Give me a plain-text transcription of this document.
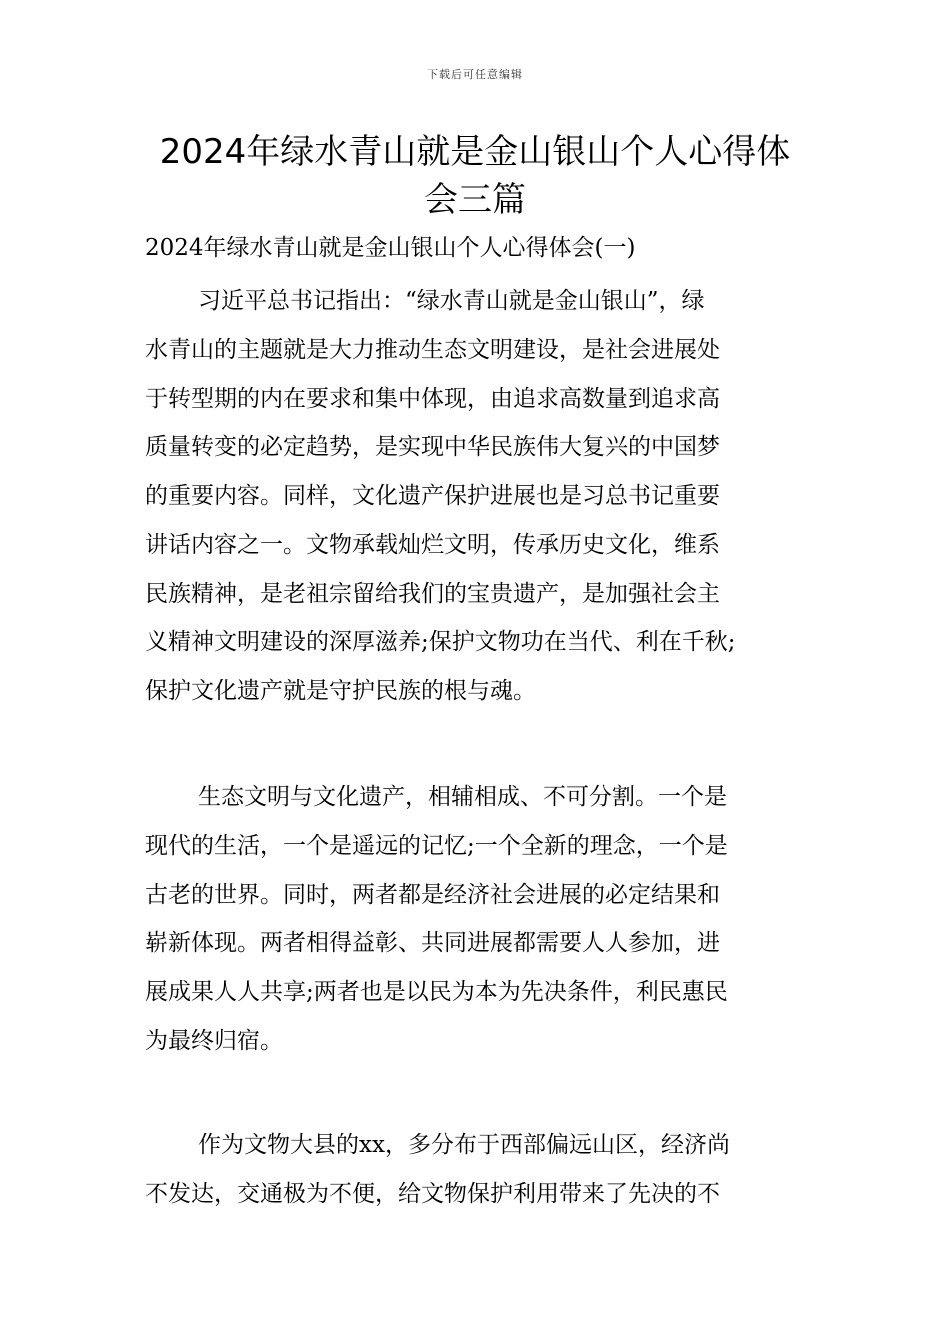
下载后可任意编辑
2024年绿水青山就是金山银山个人心得体
会三篇

2024年绿水青山就是金山银山个人心得体会(一)

习近平总书记指出：“绿水青山就是金山银山”，绿
水青山的主题就是大力推动生态文明建设，是社会进展处
于转型期的内在要求和集中体现，由追求高数量到追求高
质量转变的必定趋势，是实现中华民族伟大复兴的中国梦
的重要内容。同样，文化遗产保护进展也是习总书记重要
讲话内容之一。文物承载灿烂文明，传承历史文化，维系
民族精神，是老祖宗留给我们的宝贵遗产，是加强社会主
义精神文明建设的深厚滋养;保护文物功在当代、利在千秋;
保护文化遗产就是守护民族的根与魂。
生态文明与文化遗产，相辅相成、不可分割。一个是
现代的生活，一个是遥远的记忆;一个全新的理念，一个是
古老的世界。同时，两者都是经济社会进展的必定结果和
崭新体现。两者相得益彰、共同进展都需要人人参加，进
展成果人人共享;两者也是以民为本为先决条件，利民惠民
为最终归宿。
作为文物大县的xx，多分布于西部偏远山区，经济尚
不发达，交通极为不便，给文物保护利用带来了先决的不
